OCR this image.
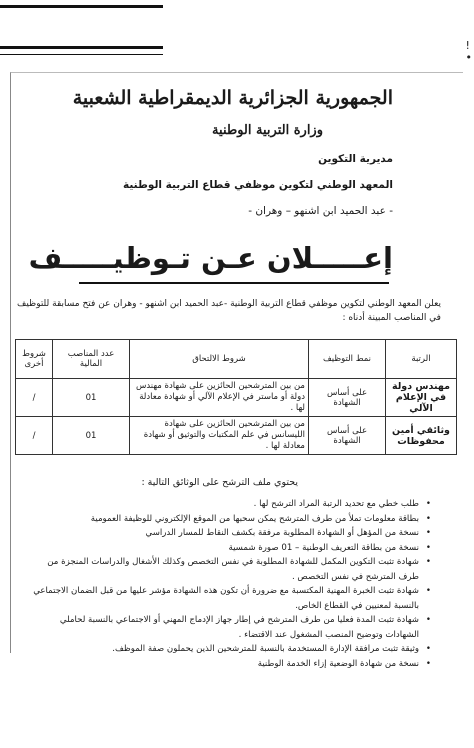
!
•
الجمهورية الجزائرية الديمقراطية الشعبية
وزارة التربية الوطنية
مديرية التكوين
المعهد الوطني لتكوين موظفي قطاع التربية الوطنية
- عبد الحميد ابن اشنهو – وهران -
إعـــــلان عـن تـوظيـــــف
يعلن المعهد الوطني لتكوين موظفي قطاع التربية الوطنية -عبد الحميد ابن اشنهو - وهران عن فتح مسابقة للتوظيف في المناصب المبينة أدناه :
الرتبة	نمط التوظيف	شروط الالتحاق	عدد المناصب المالية	شروط أخرى
مهندس دولة في الإعلام الآلي	على أساس الشهادة	من بين المترشحين الحائزين على شهادة مهندس دولة أو ماستر في الإعلام الآلي أو شهادة معادلة لها .	01	/
وثائقي أمين محفوظات	على أساس الشهادة	من بين المترشحين الحائزين على شهادة الليسانس في علم المكتبات والتوثيق أو شهادة معادلة لها .	01	/
يحتوي ملف الترشح على الوثائق التالية :
• طلب خطي مع تحديد الرتبة المراد الترشح لها .
• بطاقة معلومات تملأ من طرف المترشح يمكن سحبها من الموقع الإلكتروني للوظيفة العمومية
• نسخة من المؤهل أو الشهادة المطلوبة مرفقة بكشف النقاط للمسار الدراسي
• نسخة من بطاقة التعريف الوطنية – 01 صورة شمسية
• شهادة تثبت التكوين المكمل للشهادة المطلوبة في نفس التخصص وكذلك الأشغال والدراسات المنجزة من طرف المترشح في نفس التخصص .
• شهادة تثبت الخبرة المهنية المكتسبة مع ضرورة أن تكون هذه الشهادة مؤشر عليها من قبل الضمان الاجتماعي بالنسبة لمعنيين في القطاع الخاص.
• شهادة تثبت المدة فعليا من طرف المترشح في إطار جهاز الإدماج المهني أو الاجتماعي بالنسبة لحاملي الشهادات وتوضيح المنصب المشغول عند الاقتضاء .
• وثيقة تثبت مرافقة الإدارة المستخدمة بالنسبة للمترشحين الذين يحملون صفة الموظف.
• نسخة من شهادة الوضعية إزاء الخدمة الوطنية
